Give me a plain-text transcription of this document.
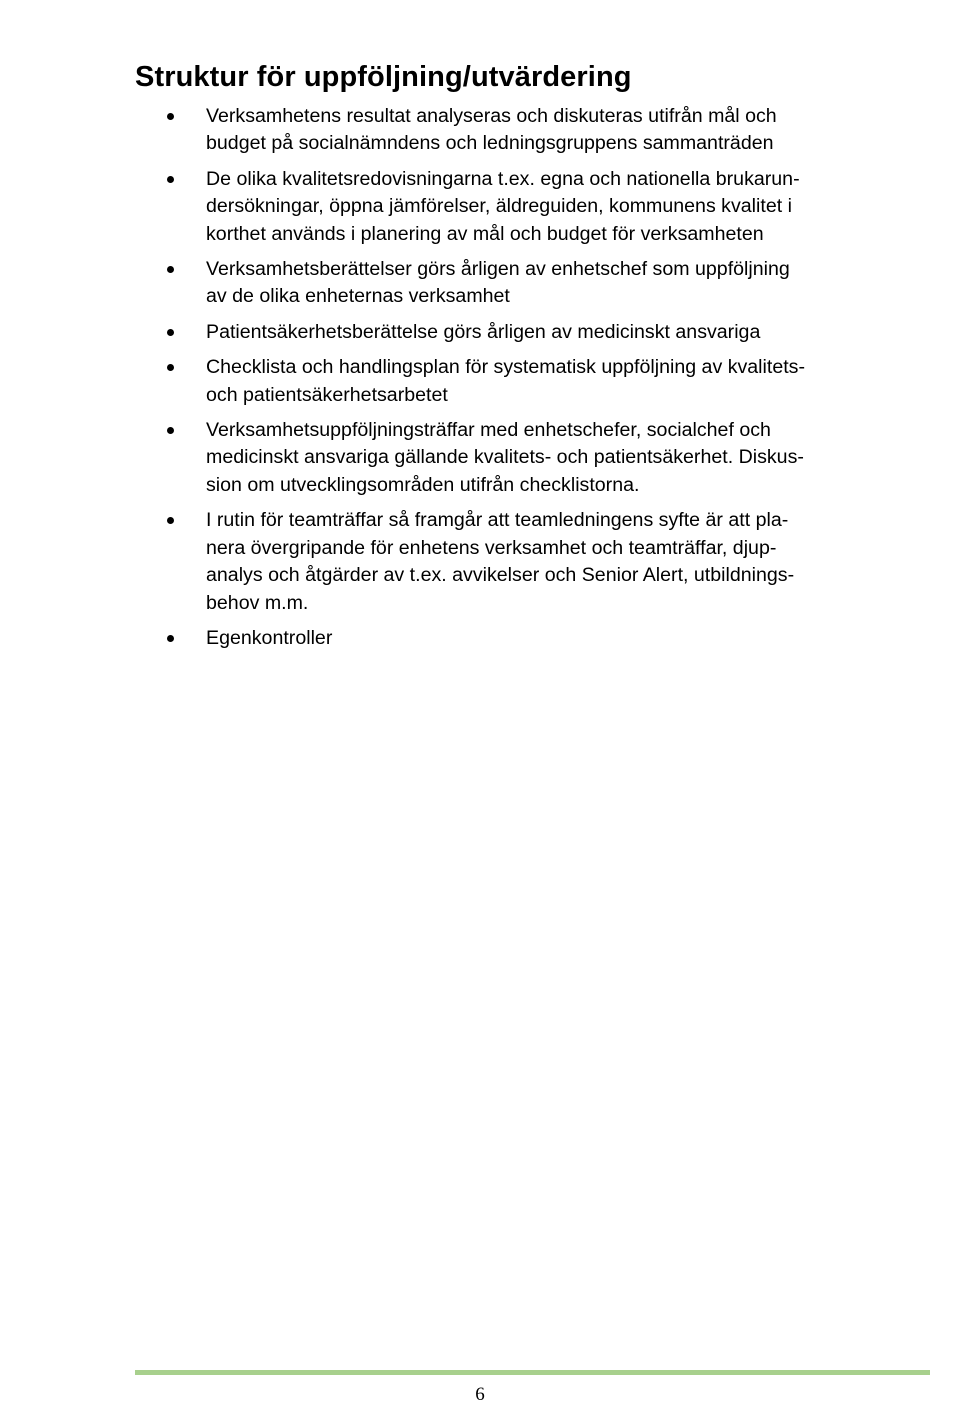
Struktur för uppföljning/utvärdering
Verksamhetens resultat analyseras och diskuteras utifrån mål och
budget på socialnämndens och ledningsgruppens sammanträden
De olika kvalitetsredovisningarna t.ex. egna och nationella brukarun-
dersökningar, öppna jämförelser, äldreguiden, kommunens kvalitet i
korthet används i planering av mål och budget för verksamheten
Verksamhetsberättelser görs årligen av enhetschef som uppföljning
av de olika enheternas verksamhet
Patientsäkerhetsberättelse görs årligen av medicinskt ansvariga
Checklista och handlingsplan för systematisk uppföljning av kvalitets-
och patientsäkerhetsarbetet
Verksamhetsuppföljningsträffar med enhetschefer, socialchef och
medicinskt ansvariga gällande kvalitets- och patientsäkerhet. Diskus-
sion om utvecklingsområden utifrån checklistorna.
I rutin för teamträffar så framgår att teamledningens syfte är att pla-
nera övergripande för enhetens verksamhet och teamträffar, djup-
analys och åtgärder av t.ex. avvikelser och Senior Alert, utbildnings-
behov m.m.
Egenkontroller
6
